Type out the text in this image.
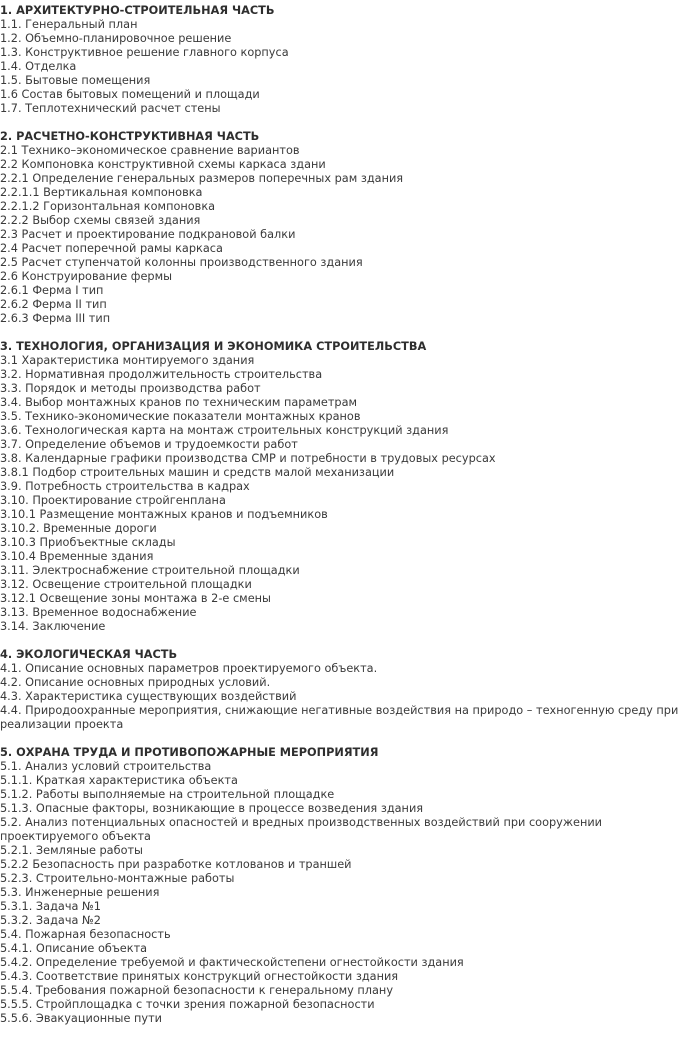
1. АРХИТЕКТУРНО-СТРОИТЕЛЬНАЯ ЧАСТЬ
1.1. Генеральный план
1.2. Объемно-планировочное решение
1.3. Конструктивное решение главного корпуса
1.4. Отделка
1.5. Бытовые помещения
1.6 Состав бытовых помещений и площади
1.7. Теплотехнический расчет стены
2. РАСЧЕТНО-КОНСТРУКТИВНАЯ ЧАСТЬ
2.1 Технико–экономическое сравнение вариантов
2.2 Компоновка конструктивной схемы каркаса здани
2.2.1 Определение генеральных размеров поперечных рам здания
2.2.1.1 Вертикальная компоновка
2.2.1.2 Горизонтальная компоновка
2.2.2 Выбор схемы связей здания
2.3 Расчет и проектирование подкрановой балки
2.4 Расчет поперечной рамы каркаса
2.5 Расчет ступенчатой колонны производственного здания
2.6 Конструирование фермы
2.6.1 Ферма I тип
2.6.2 Ферма II тип
2.6.3 Ферма III тип
3. ТЕХНОЛОГИЯ, ОРГАНИЗАЦИЯ И ЭКОНОМИКА СТРОИТЕЛЬСТВА
3.1 Характеристика монтируемого здания
3.2. Нормативная продолжительность строительства
3.3. Порядок и методы производства работ
3.4. Выбор монтажных кранов по техническим параметрам
3.5. Технико-экономические показатели монтажных кранов
3.6. Технологическая карта на монтаж строительных конструкций здания
3.7. Определение объемов и трудоемкости работ
3.8. Календарные графики производства СМР и потребности в трудовых ресурсах
3.8.1 Подбор строительных машин и средств малой механизации
3.9. Потребность строительства в кадрах
3.10. Проектирование стройгенплана
3.10.1 Размещение монтажных кранов и подъемников
3.10.2. Временные дороги
3.10.3 Приобъектные склады
3.10.4 Временные здания
3.11. Электроснабжение строительной площадки
3.12. Освещение строительной площадки
3.12.1 Освещение зоны монтажа в 2-е смены
3.13. Временное водоснабжение
3.14. Заключение
4. ЭКОЛОГИЧЕСКАЯ ЧАСТЬ
4.1. Описание основных параметров проектируемого объекта.
4.2. Описание основных природных условий.
4.3. Характеристика существующих воздействий
4.4. Природоохранные мероприятия, снижающие негативные воздействия на природо – техногенную среду при реализации проекта
5. ОХРАНА ТРУДА И ПРОТИВОПОЖАРНЫЕ МЕРОПРИЯТИЯ
5.1. Анализ условий строительства
5.1.1. Краткая характеристика объекта
5.1.2. Работы выполняемые на строительной площадке
5.1.3. Опасные факторы, возникающие в процессе возведения здания
5.2. Анализ потенциальных опасностей и вредных производственных воздействий при сооружении проектируемого объекта
5.2.1. Земляные работы
5.2.2 Безопасность при разработке котлованов и траншей
5.2.3. Строительно-монтажные работы
5.3. Инженерные решения
5.3.1. Задача №1
5.3.2. Задача №2
5.4. Пожарная безопасность
5.4.1. Описание объекта
5.4.2. Определение требуемой и фактическойстепени огнестойкости здания
5.4.3. Соответствие принятых конструкций огнестойкости здания
5.5.4. Требования пожарной безопасности к генеральному плану
5.5.5. Стройплощадка с точки зрения пожарной безопасности
5.5.6. Эвакуационные пути
